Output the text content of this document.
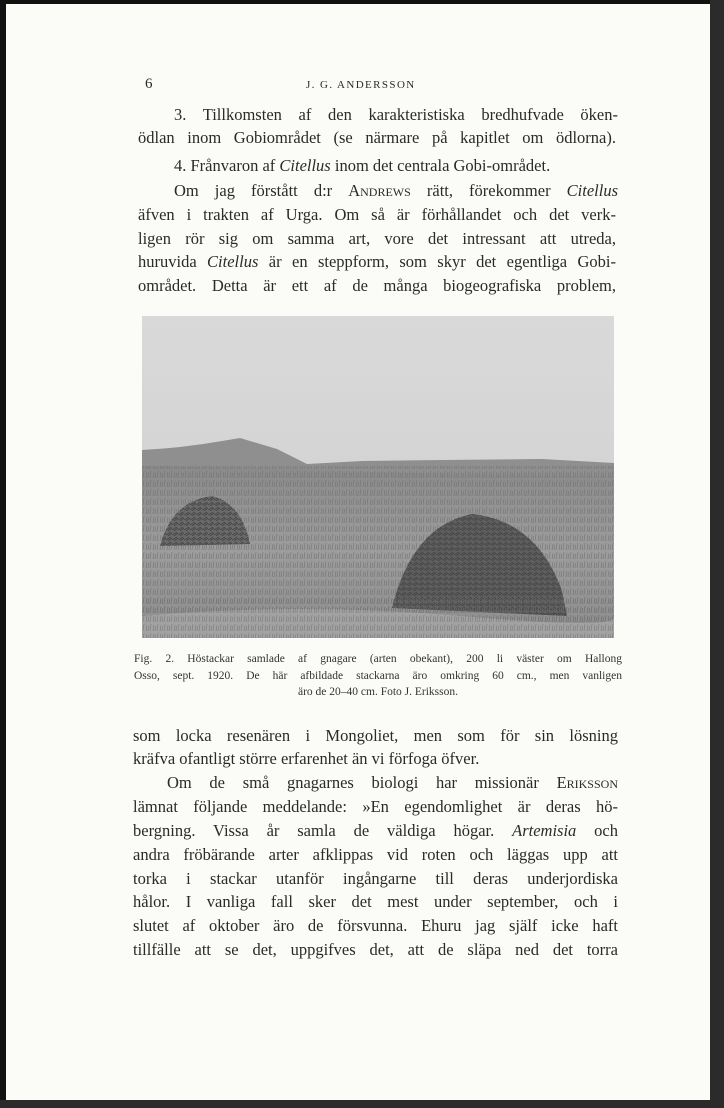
6	J. G. ANDERSSON
3. Tillkomsten af den karakteristiska bredhufvade öken-
ödlan inom Gobiområdet (se närmare på kapitlet om ödlorna).
4. Frånvaron af Citellus inom det centrala Gobi-området.
Om jag förstått d:r Andrews rätt, förekommer Citellus
äfven i trakten af Urga. Om så är förhållandet och det verk-
ligen rör sig om samma art, vore det intressant att utreda,
huruvida Citellus är en steppform, som skyr det egentliga Gobi-
området. Detta är ett af de många biogeografiska problem,
Fig. 2. Höstackar samlade af gnagare (arten obekant), 200 li väster om Hallong
Osso, sept. 1920. De här afbildade stackarna äro omkring 60 cm., men vanligen
äro de 20–40 cm. Foto J. Eriksson.
som locka resenären i Mongoliet, men som för sin lösning
kräfva ofantligt större erfarenhet än vi förfoga öfver.
Om de små gnagarnes biologi har missionär Eriksson
lämnat följande meddelande: »En egendomlighet är deras hö-
bergning. Vissa år samla de väldiga högar. Artemisia och
andra fröbärande arter afklippas vid roten och läggas upp att
torka i stackar utanför ingångarne till deras underjordiska
hålor. I vanliga fall sker det mest under september, och i
slutet af oktober äro de försvunna. Ehuru jag själf icke haft
tillfälle att se det, uppgifves det, att de släpa ned det torra
